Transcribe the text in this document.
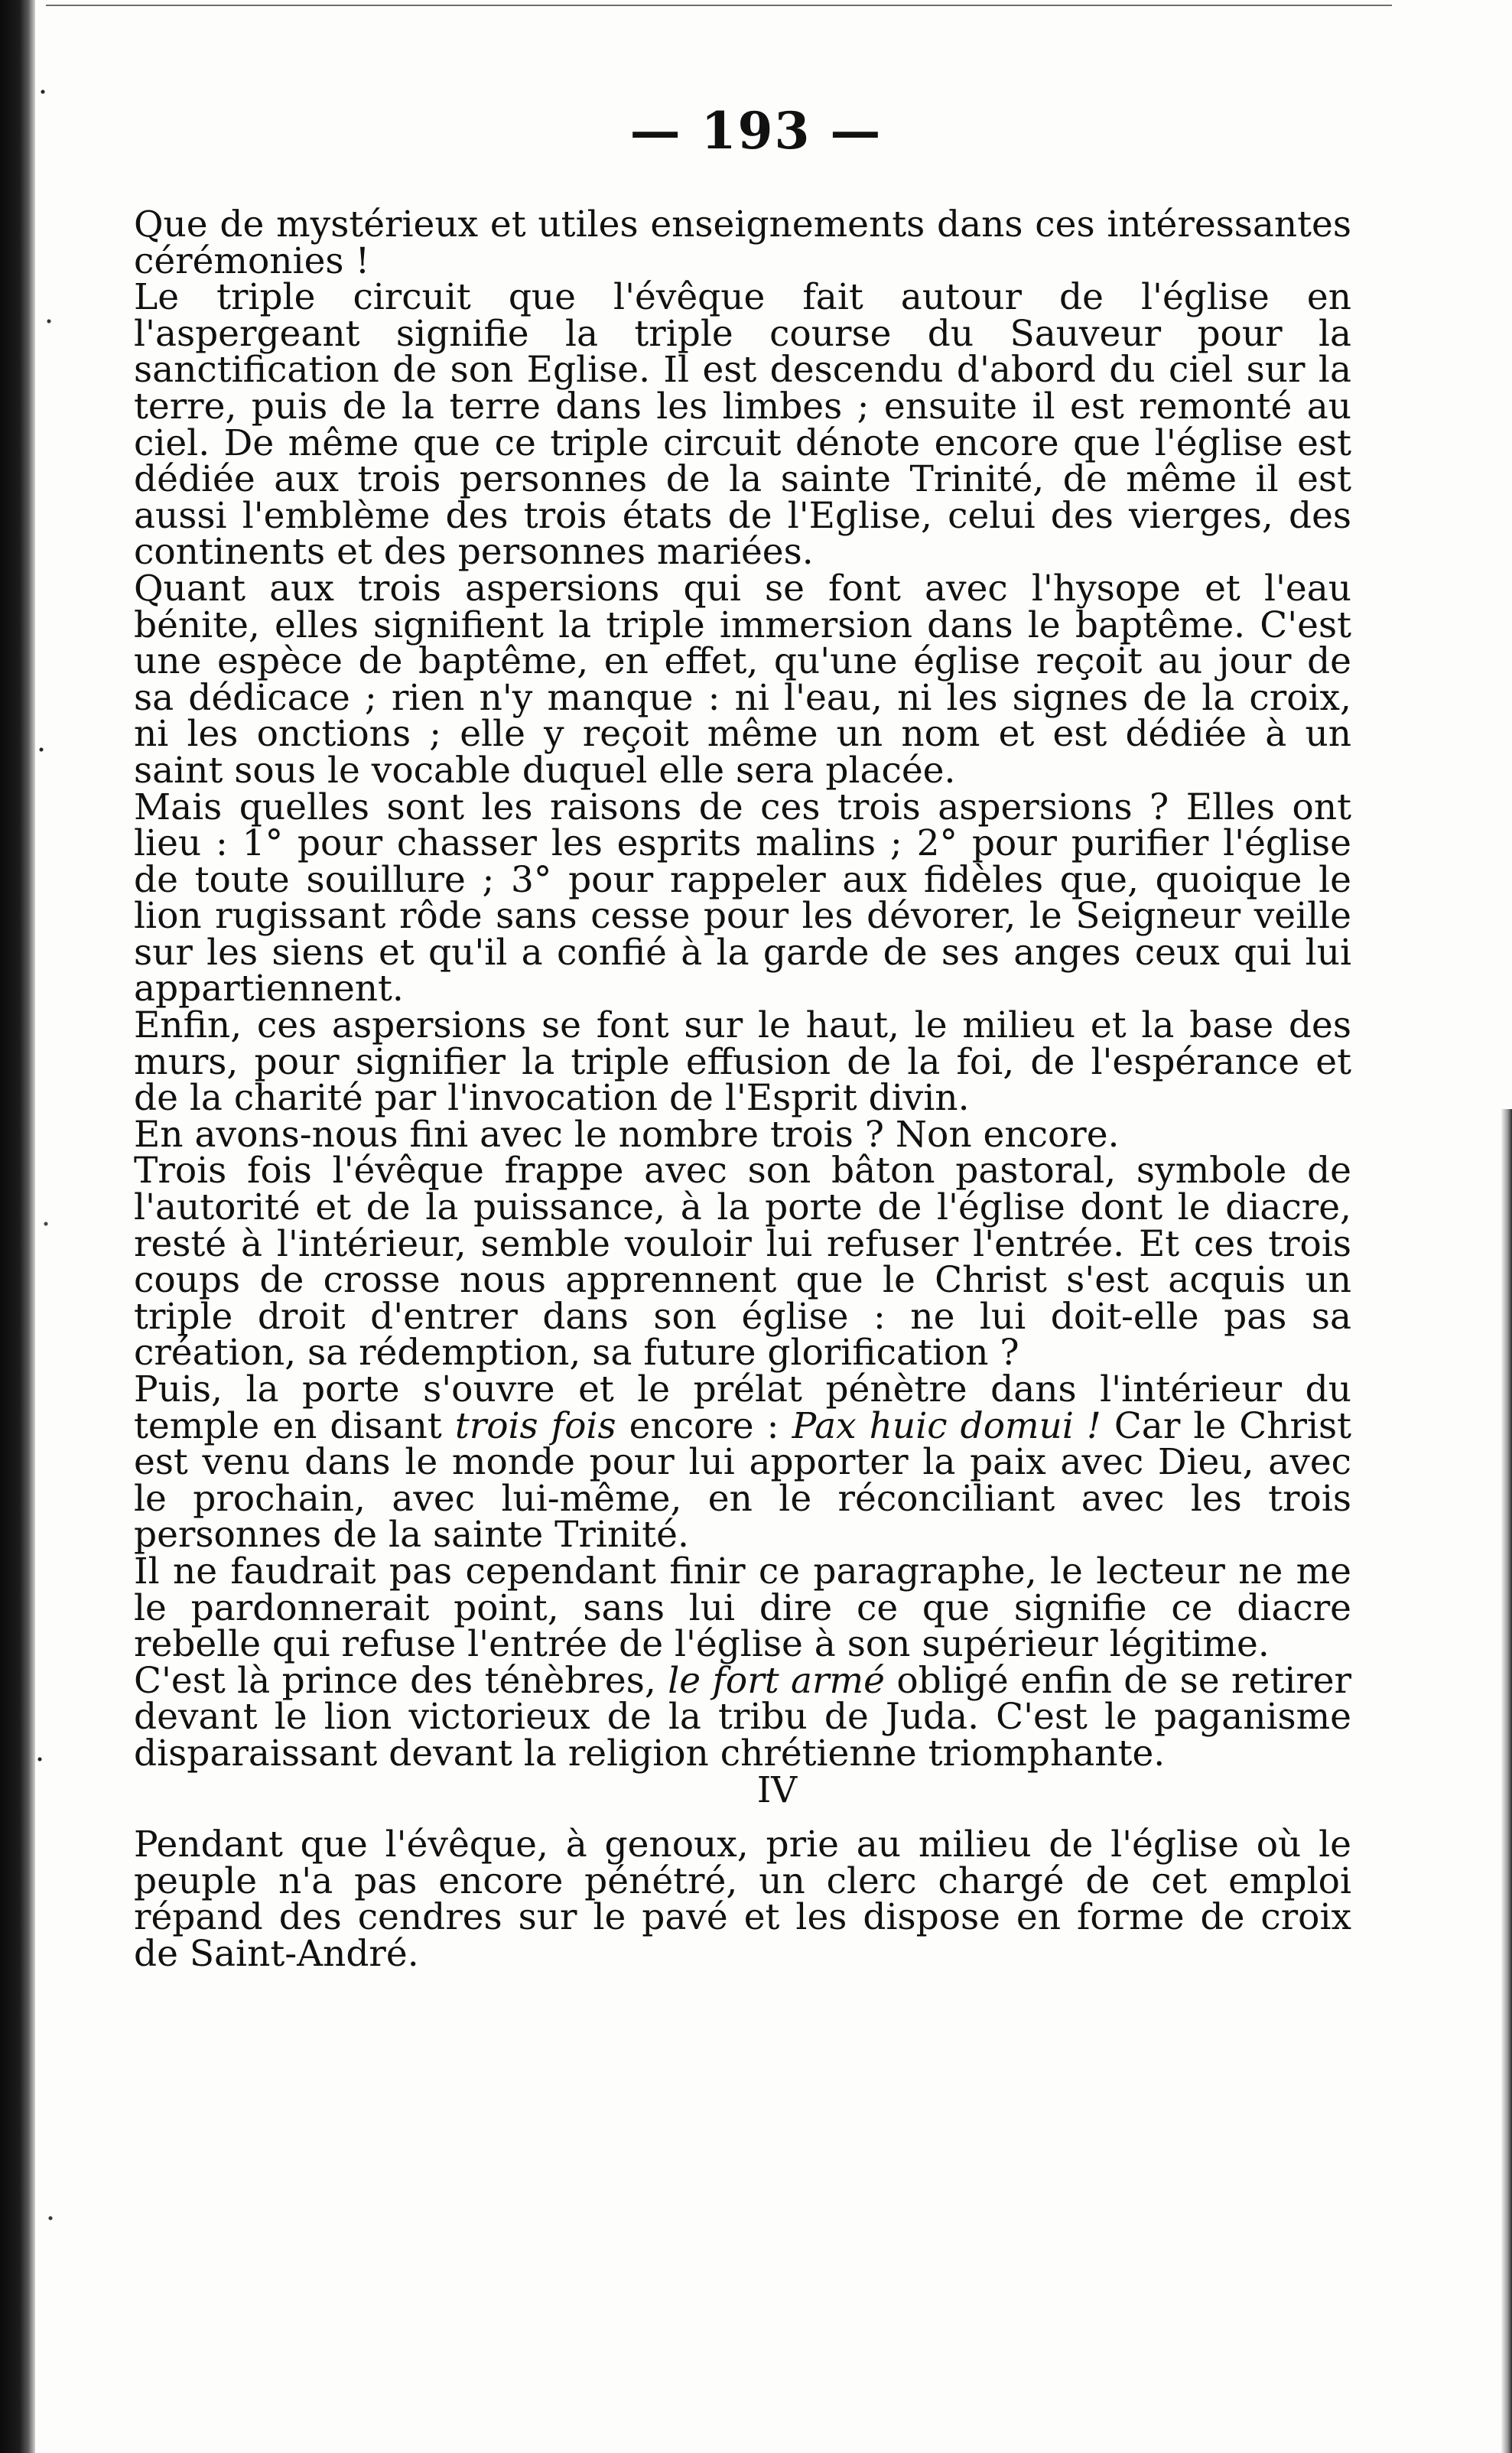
— 193 —

Que de mystérieux et utiles enseignements dans ces intéressantes cérémonies !

Le triple circuit que l'évêque fait autour de l'église en l'aspergeant signifie la triple course du Sauveur pour la sanctification de son Eglise. Il est descendu d'abord du ciel sur la terre, puis de la terre dans les limbes ; ensuite il est remonté au ciel. De même que ce triple circuit dénote encore que l'église est dédiée aux trois personnes de la sainte Trinité, de même il est aussi l'emblème des trois états de l'Eglise, celui des vierges, des continents et des personnes mariées.

Quant aux trois aspersions qui se font avec l'hysope et l'eau bénite, elles signifient la triple immersion dans le baptême. C'est une espèce de baptême, en effet, qu'une église reçoit au jour de sa dédicace ; rien n'y manque : ni l'eau, ni les signes de la croix, ni les onctions ; elle y reçoit même un nom et est dédiée à un saint sous le vocable duquel elle sera placée.

Mais quelles sont les raisons de ces trois aspersions ? Elles ont lieu : 1° pour chasser les esprits malins ; 2° pour purifier l'église de toute souillure ; 3° pour rappeler aux fidèles que, quoique le lion rugissant rôde sans cesse pour les dévorer, le Seigneur veille sur les siens et qu'il a confié à la garde de ses anges ceux qui lui appartiennent.

Enfin, ces aspersions se font sur le haut, le milieu et la base des murs, pour signifier la triple effusion de la foi, de l'espérance et de la charité par l'invocation de l'Esprit divin.

En avons-nous fini avec le nombre trois ? Non encore.

Trois fois l'évêque frappe avec son bâton pastoral, symbole de l'autorité et de la puissance, à la porte de l'église dont le diacre, resté à l'intérieur, semble vouloir lui refuser l'entrée. Et ces trois coups de crosse nous apprennent que le Christ s'est acquis un triple droit d'entrer dans son église : ne lui doit-elle pas sa création, sa rédemption, sa future glorification ?

Puis, la porte s'ouvre et le prélat pénètre dans l'intérieur du temple en disant trois fois encore : Pax huic domui ! Car le Christ est venu dans le monde pour lui apporter la paix avec Dieu, avec le prochain, avec lui-même, en le réconciliant avec les trois personnes de la sainte Trinité.

Il ne faudrait pas cependant finir ce paragraphe, le lecteur ne me le pardonnerait point, sans lui dire ce que signifie ce diacre rebelle qui refuse l'entrée de l'église à son supérieur légitime.

C'est là prince des ténèbres, le fort armé obligé enfin de se retirer devant le lion victorieux de la tribu de Juda. C'est le paganisme disparaissant devant la religion chrétienne triomphante.

IV

Pendant que l'évêque, à genoux, prie au milieu de l'église où le peuple n'a pas encore pénétré, un clerc chargé de cet emploi répand des cendres sur le pavé et les dispose en forme de croix de Saint-André.
